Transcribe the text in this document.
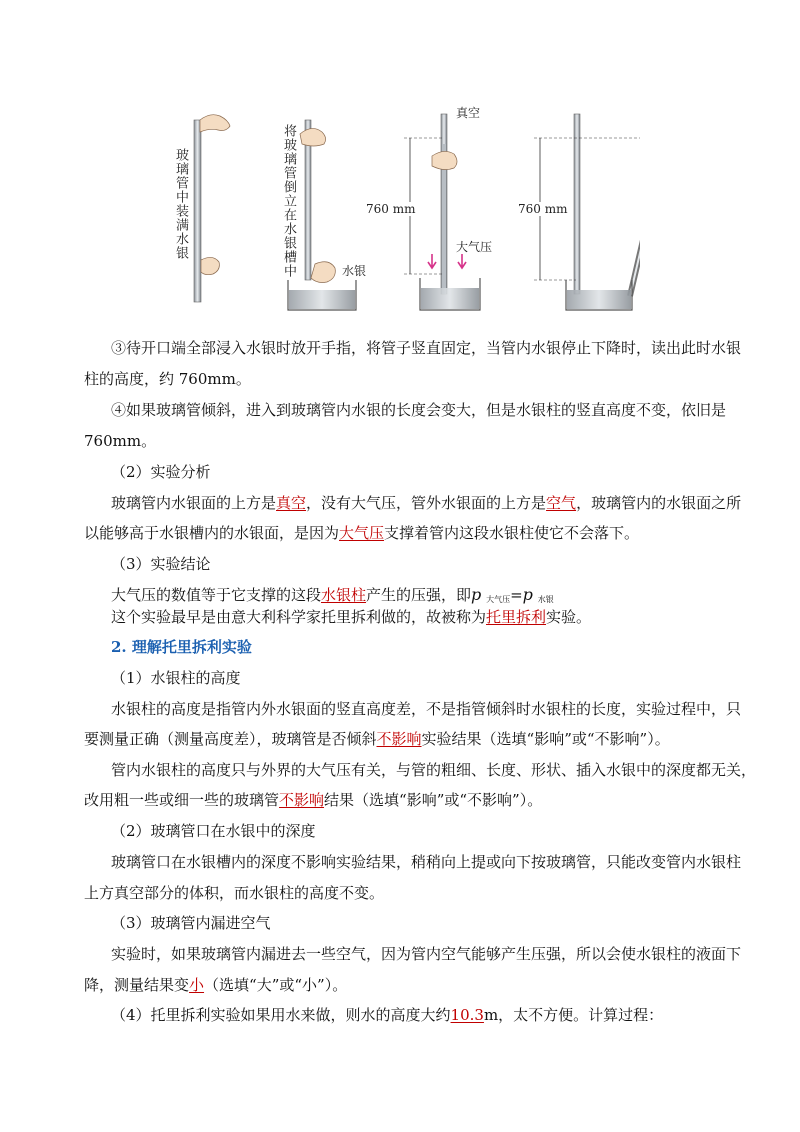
玻璃管中装满水银	将玻璃管倒立在水银槽中	水银
真空
760 mm
大气压
760 mm
③待开口端全部浸入水银时放开手指，将管子竖直固定，当管内水银停止下降时，读出此时水银
柱的高度，约 760mm。
④如果玻璃管倾斜，进入到玻璃管内水银的长度会变大，但是水银柱的竖直高度不变，依旧是
760mm。
（2）实验分析
玻璃管内水银面的上方是真空，没有大气压，管外水银面的上方是空气，玻璃管内的水银面之所
以能够高于水银槽内的水银面，是因为大气压支撑着管内这段水银柱使它不会落下。
（3）实验结论
大气压的数值等于它支撑的这段水银柱产生的压强，即p $_{大气压}$=p $_{水银}$
这个实验最早是由意大利科学家托里拆利做的，故被称为托里拆利实验。
2. 理解托里拆利实验
（1）水银柱的高度
水银柱的高度是指管内外水银面的竖直高度差，不是指管倾斜时水银柱的长度，实验过程中，只
要测量正确（测量高度差），玻璃管是否倾斜不影响实验结果（选填“影响”或“不影响”）。
管内水银柱的高度只与外界的大气压有关，与管的粗细、长度、形状、插入水银中的深度都无关，
改用粗一些或细一些的玻璃管不影响结果（选填“影响”或“不影响”）。
（2）玻璃管口在水银中的深度
玻璃管口在水银槽内的深度不影响实验结果，稍稍向上提或向下按玻璃管，只能改变管内水银柱
上方真空部分的体积，而水银柱的高度不变。
（3）玻璃管内漏进空气
实验时，如果玻璃管内漏进去一些空气，因为管内空气能够产生压强，所以会使水银柱的液面下
降，测量结果变小（选填“大”或“小”）。
（4）托里拆利实验如果用水来做，则水的高度大约10.3m，太不方便。计算过程：
